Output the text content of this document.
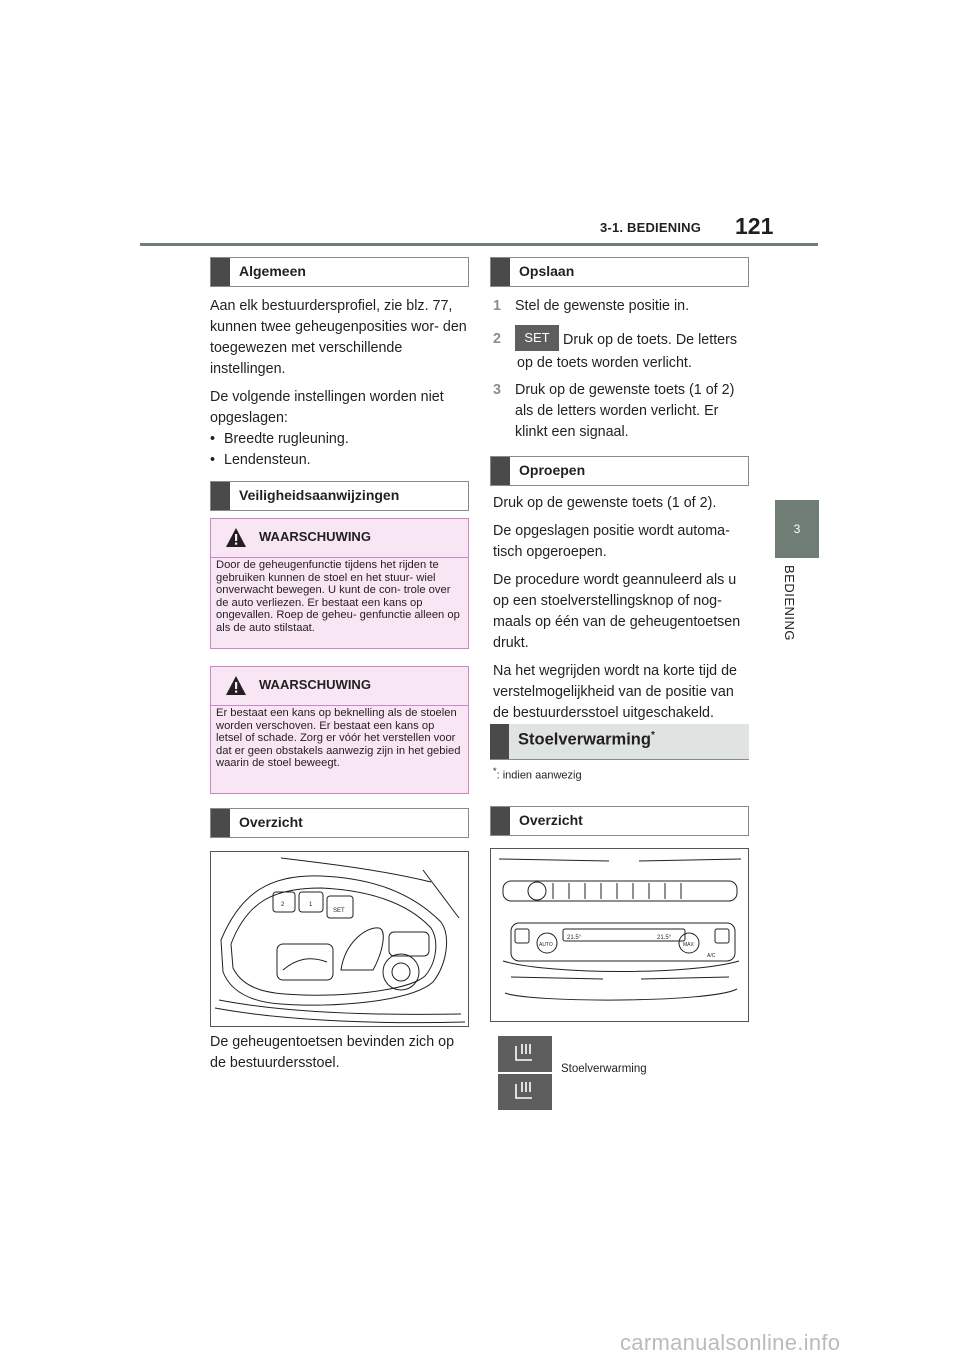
3-1. BEDIENING 121
3
BEDIENING
Algemeen

Aan elk bestuurdersprofiel, zie blz. 77, kunnen twee geheugenposities wor- den toegewezen met verschillende instellingen.

De volgende instellingen worden niet opgeslagen:

• Breedte rugleuning.
• Lendensteun.
Veiligheidsaanwijzingen
WAARSCHUWING
Door de geheugenfunctie tijdens het rijden te gebruiken kunnen de stoel en het stuur- wiel onverwacht bewegen. U kunt de con- trole over de auto verliezen. Er bestaat een kans op ongevallen. Roep de geheu- genfunctie alleen op als de auto stilstaat.
WAARSCHUWING
Er bestaat een kans op beknelling als de stoelen worden verschoven. Er bestaat een kans op letsel of schade. Zorg er vóór het verstellen voor dat er geen obstakels aanwezig zijn in het gebied waarin de stoel beweegt.
Overzicht
2	1
SET
De geheugentoetsen bevinden zich op de bestuurdersstoel.
Opslaan
1 Stel de gewenste positie in.
2	SET Druk op de toets. De letters op de toets worden verlicht.
3 Druk op de gewenste toets (1 of 2) als de letters worden verlicht. Er klinkt een signaal.
Oproepen

Druk op de gewenste toets (1 of 2).

De opgeslagen positie wordt automa- tisch opgeroepen.

De procedure wordt geannuleerd als u op een stoelverstellingsknop of nog- maals op één van de geheugentoetsen drukt.

Na het wegrijden wordt na korte tijd de verstelmogelijkheid van de positie van de bestuurdersstoel uitgeschakeld.

Stoelverwarming*
*: indien aanwezig
Overzicht
21.5°	21.5°
AUTO
A/C
MAX
Stoelverwarming
carmanualsonline.info
